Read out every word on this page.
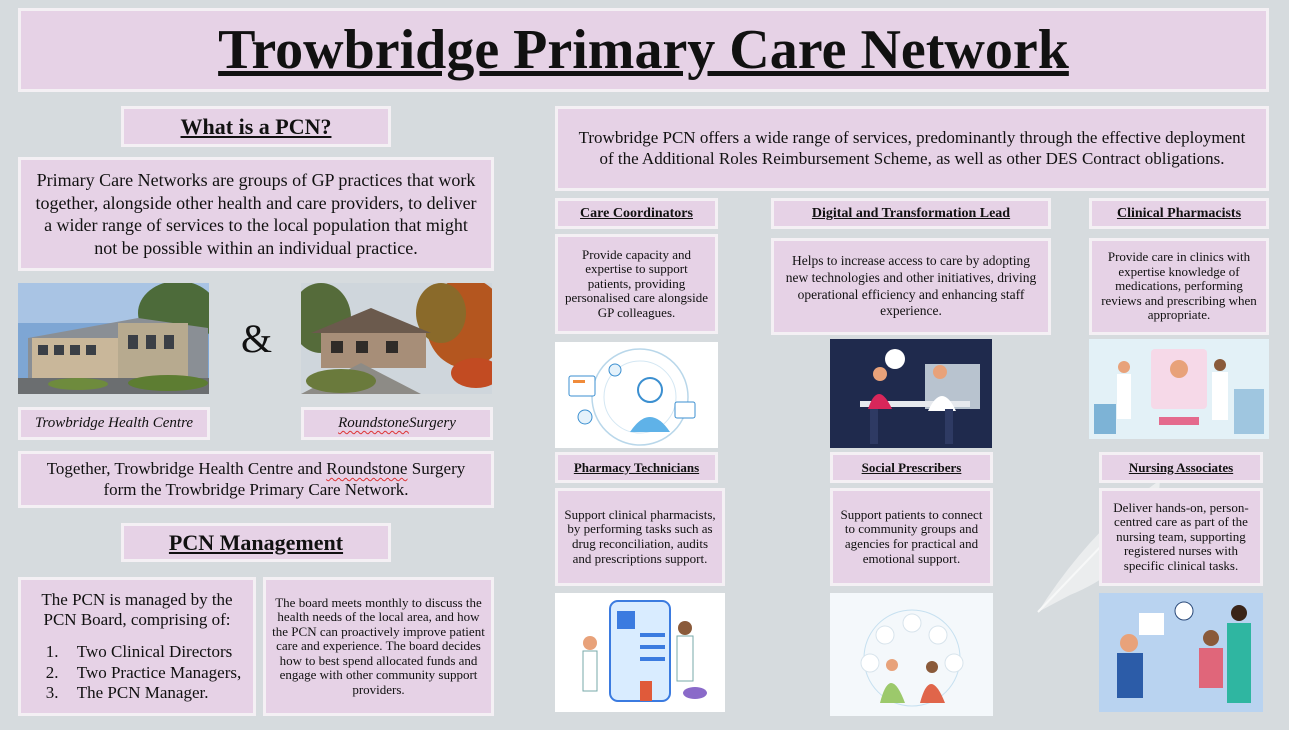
Trowbridge Primary Care Network
What is a PCN?
Primary Care Networks are groups of GP practices that work together, alongside other health and care providers, to deliver a wider range of services to the local population that might not be possible within an individual practice.
&
Trowbridge Health Centre	Roundstone Surgery
Together, Trowbridge Health Centre and Roundstone Surgery form the Trowbridge Primary Care Network.
PCN Management
The PCN is managed by the PCN Board, comprising of:
1. Two Clinical Directors
2. Two Practice Managers,
3. The PCN Manager.
The board meets monthly to discuss the health needs of the local area, and how the PCN can proactively improve patient care and experience. The board decides how to best spend allocated funds and engage with other community support providers.
Trowbridge PCN offers a wide range of services, predominantly through the effective deployment of the Additional Roles Reimbursement Scheme, as well as other DES Contract obligations.
Care Coordinators	Digital and Transformation Lead	Clinical Pharmacists
Provide capacity and expertise to support patients, providing personalised care alongside GP colleagues.
Helps to increase access to care by adopting new technologies and other initiatives, driving operational efficiency and enhancing staff experience.
Provide care in clinics with expertise knowledge of medications, performing reviews and prescribing when appropriate.
Pharmacy Technicians	Social Prescribers	Nursing Associates
Support clinical pharmacists, by performing tasks such as drug reconciliation, audits and prescriptions support.
Support patients to connect to community groups and agencies for practical and emotional support.
Deliver hands-on, person-centred care as part of the nursing team, supporting registered nurses with specific clinical tasks.
